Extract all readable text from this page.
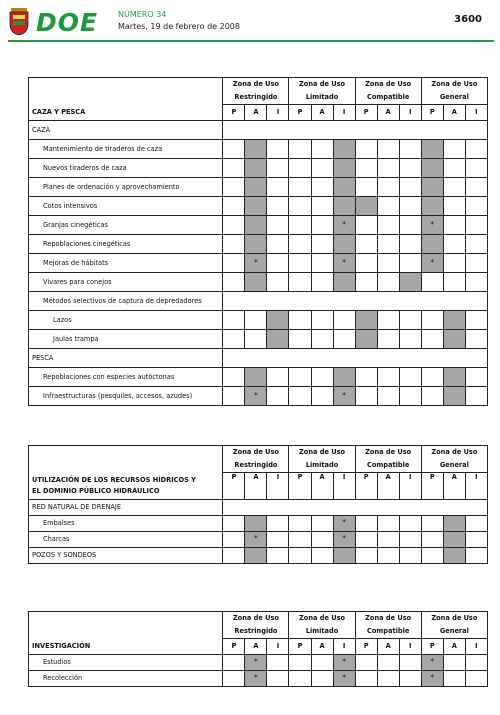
DOE NÚMERO 34
Martes, 19 de febrero de 2008
3600
	Zona de Uso			Zona de Uso			Zona de Uso			Zona de Uso		
	Restringido			Limitado			Compatible			General		
CAZA Y PESCA	P	A	I	P	A	I	P	A	I	P	A	I
CAZA												
Mantenimiento de tiraderos de caza												
Nuevos tiraderos de caza												
Planes de ordenación y aprovechamiento												
Cotos intensivos												
Granjas cinegéticas						*				*		
Repoblaciones cinegéticas												
Mejoras de hábitats		*				*				*		
Vivares para conejos												
Métodos selectivos de captura de depredadores												
Lazos												
Jaulas trampa												
PESCA												
Repoblaciones con especies autóctonas												
Infraestructuras (pesquiles, accesos, azudes)		*				*						
	Zona de Uso			Zona de Uso			Zona de Uso			Zona de Uso		
	Restringido			Limitado			Compatible			General		

UTILIZACIÓN DE LOS RECURSOS HÍDRICOS Y
EL DOMINIO PÚBLICO HIDRÁULICO	P	A	I	P	A	I	P	A	I	P	A	I
RED NATURAL DE DRENAJE												
Embalses						*						
Charcas		*				*						
POZOS Y SONDEOS												
	Zona de Uso			Zona de Uso			Zona de Uso			Zona de Uso		
	Restringido			Limitado			Compatible			General		
INVESTIGACIÓN	P	A	I	P	A	I	P	A	I	P	A	I
Estudios		*				*				*		
Recolección		*				*				*		
